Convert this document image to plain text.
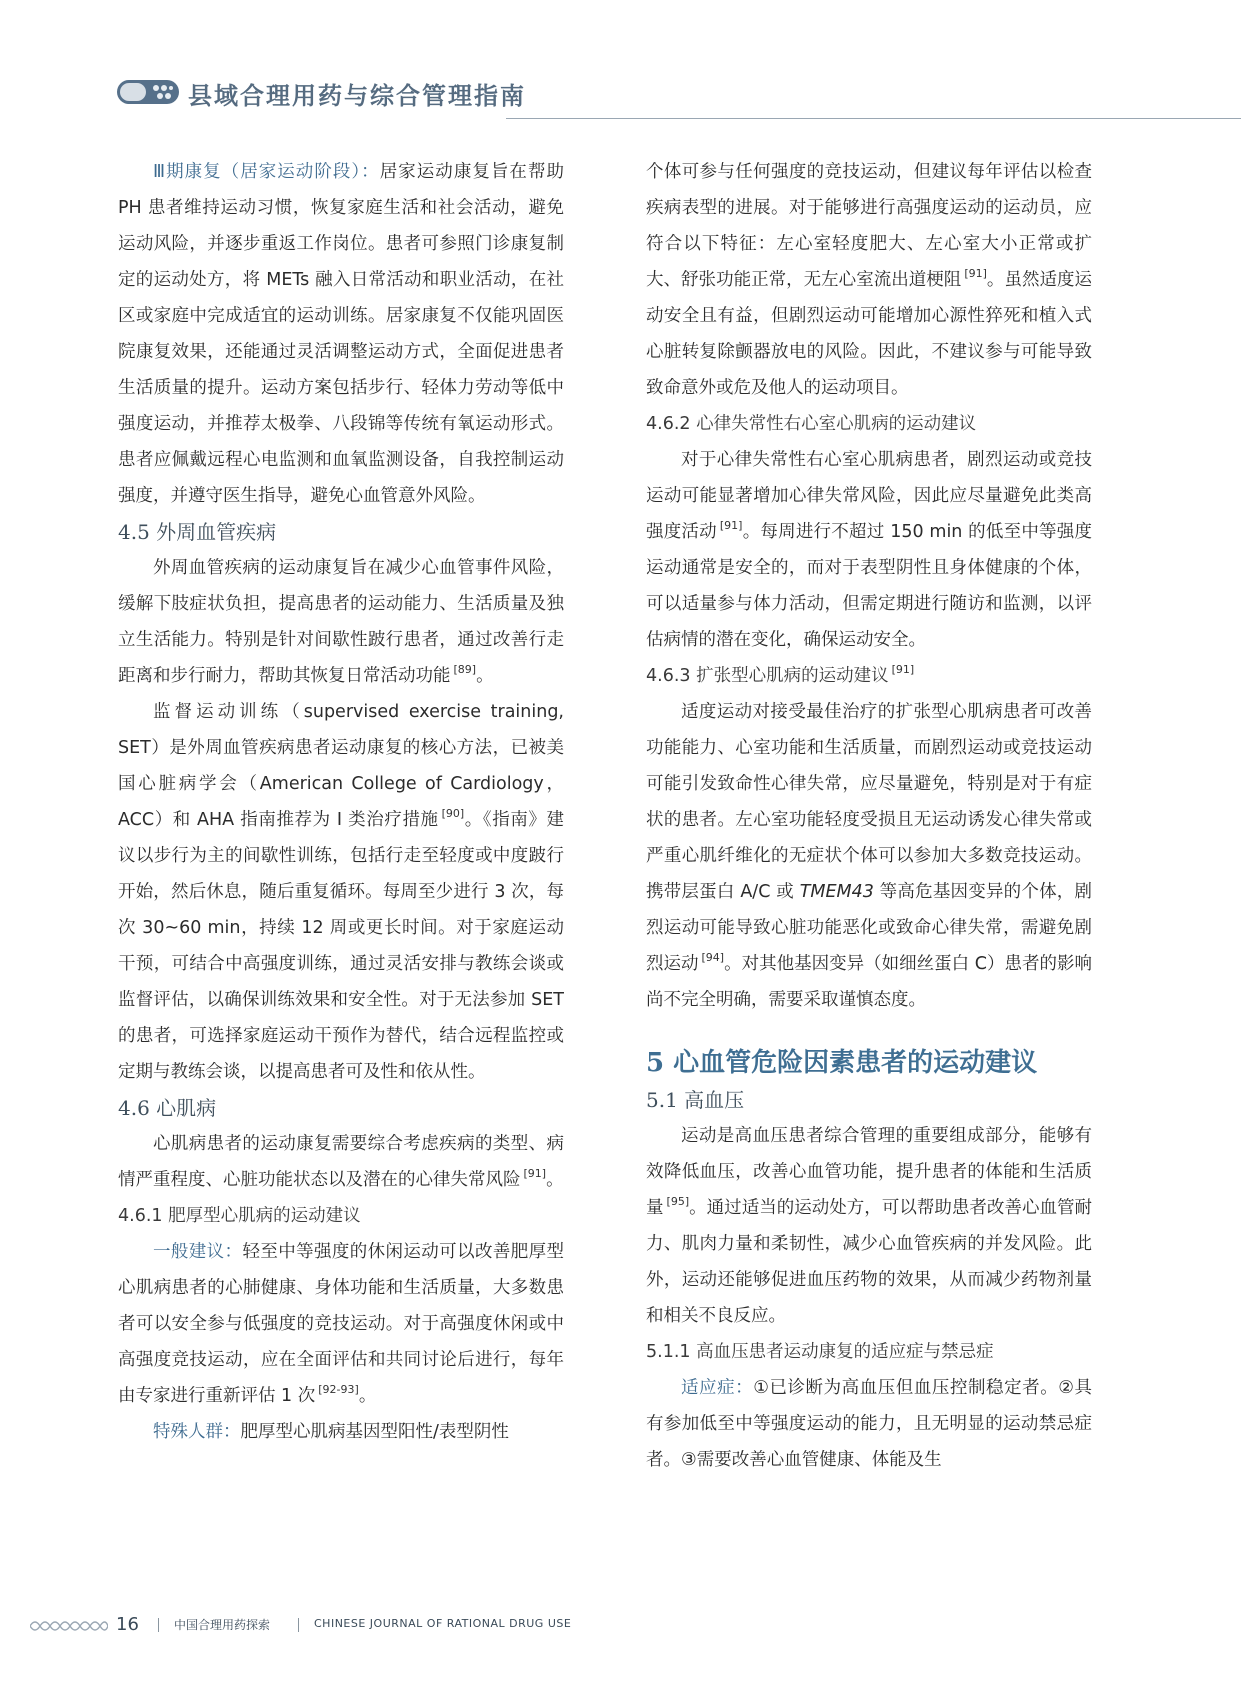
县域合理用药与综合管理指南

Ⅲ期康复（居家运动阶段）：居家运动康复旨在帮助 PH 患者维持运动习惯，恢复家庭生活和社会活动，避免运动风险，并逐步重返工作岗位。患者可参照门诊康复制定的运动处方，将 METs 融入日常活动和职业活动，在社区或家庭中完成适宜的运动训练。居家康复不仅能巩固医院康复效果，还能通过灵活调整运动方式，全面促进患者生活质量的提升。运动方案包括步行、轻体力劳动等低中强度运动，并推荐太极拳、八段锦等传统有氧运动形式。患者应佩戴远程心电监测和血氧监测设备，自我控制运动强度，并遵守医生指导，避免心血管意外风险。

4.5 外周血管疾病

外周血管疾病的运动康复旨在减少心血管事件风险，缓解下肢症状负担，提高患者的运动能力、生活质量及独立生活能力。特别是针对间歇性跛行患者，通过改善行走距离和步行耐力，帮助其恢复日常活动功能 [89]。

监督运动训练（supervised exercise training, SET）是外周血管疾病患者运动康复的核心方法，已被美国心脏病学会（American College of Cardiology，ACC）和 AHA 指南推荐为 I 类治疗措施 [90]。《指南》建议以步行为主的间歇性训练，包括行走至轻度或中度跛行开始，然后休息，随后重复循环。每周至少进行 3 次，每次 30~60 min，持续 12 周或更长时间。对于家庭运动干预，可结合中高强度训练，通过灵活安排与教练会谈或监督评估，以确保训练效果和安全性。对于无法参加 SET 的患者，可选择家庭运动干预作为替代，结合远程监控或定期与教练会谈，以提高患者可及性和依从性。

4.6 心肌病

心肌病患者的运动康复需要综合考虑疾病的类型、病情严重程度、心脏功能状态以及潜在的心律失常风险 [91]。

4.6.1 肥厚型心肌病的运动建议

一般建议：轻至中等强度的休闲运动可以改善肥厚型心肌病患者的心肺健康、身体功能和生活质量，大多数患者可以安全参与低强度的竞技运动。对于高强度休闲或中高强度竞技运动，应在全面评估和共同讨论后进行，每年由专家进行重新评估 1 次 [92-93]。

特殊人群：肥厚型心肌病基因型阳性/表型阴性

个体可参与任何强度的竞技运动，但建议每年评估以检查疾病表型的进展。对于能够进行高强度运动的运动员，应符合以下特征：左心室轻度肥大、左心室大小正常或扩大、舒张功能正常，无左心室流出道梗阻 [91]。虽然适度运动安全且有益，但剧烈运动可能增加心源性猝死和植入式心脏转复除颤器放电的风险。因此，不建议参与可能导致致命意外或危及他人的运动项目。

4.6.2 心律失常性右心室心肌病的运动建议

对于心律失常性右心室心肌病患者，剧烈运动或竞技运动可能显著增加心律失常风险，因此应尽量避免此类高强度活动 [91]。每周进行不超过 150 min 的低至中等强度运动通常是安全的，而对于表型阴性且身体健康的个体，可以适量参与体力活动，但需定期进行随访和监测，以评估病情的潜在变化，确保运动安全。

4.6.3 扩张型心肌病的运动建议 [91]

适度运动对接受最佳治疗的扩张型心肌病患者可改善功能能力、心室功能和生活质量，而剧烈运动或竞技运动可能引发致命性心律失常，应尽量避免，特别是对于有症状的患者。左心室功能轻度受损且无运动诱发心律失常或严重心肌纤维化的无症状个体可以参加大多数竞技运动。携带层蛋白 A/C 或 TMEM43 等高危基因变异的个体，剧烈运动可能导致心脏功能恶化或致命心律失常，需避免剧烈运动 [94]。对其他基因变异（如细丝蛋白 C）患者的影响尚不完全明确，需要采取谨慎态度。

5 心血管危险因素患者的运动建议

5.1 高血压

运动是高血压患者综合管理的重要组成部分，能够有效降低血压，改善心血管功能，提升患者的体能和生活质量 [95]。通过适当的运动处方，可以帮助患者改善心血管耐力、肌肉力量和柔韧性，减少心血管疾病的并发风险。此外，运动还能够促进血压药物的效果，从而减少药物剂量和相关不良反应。

5.1.1 高血压患者运动康复的适应症与禁忌症

适应症：①已诊断为高血压但血压控制稳定者。②具有参加低至中等强度运动的能力，且无明显的运动禁忌症者。③需要改善心血管健康、体能及生

16	中国合理用药探索	CHINESE JOURNAL OF RATIONAL DRUG USE
